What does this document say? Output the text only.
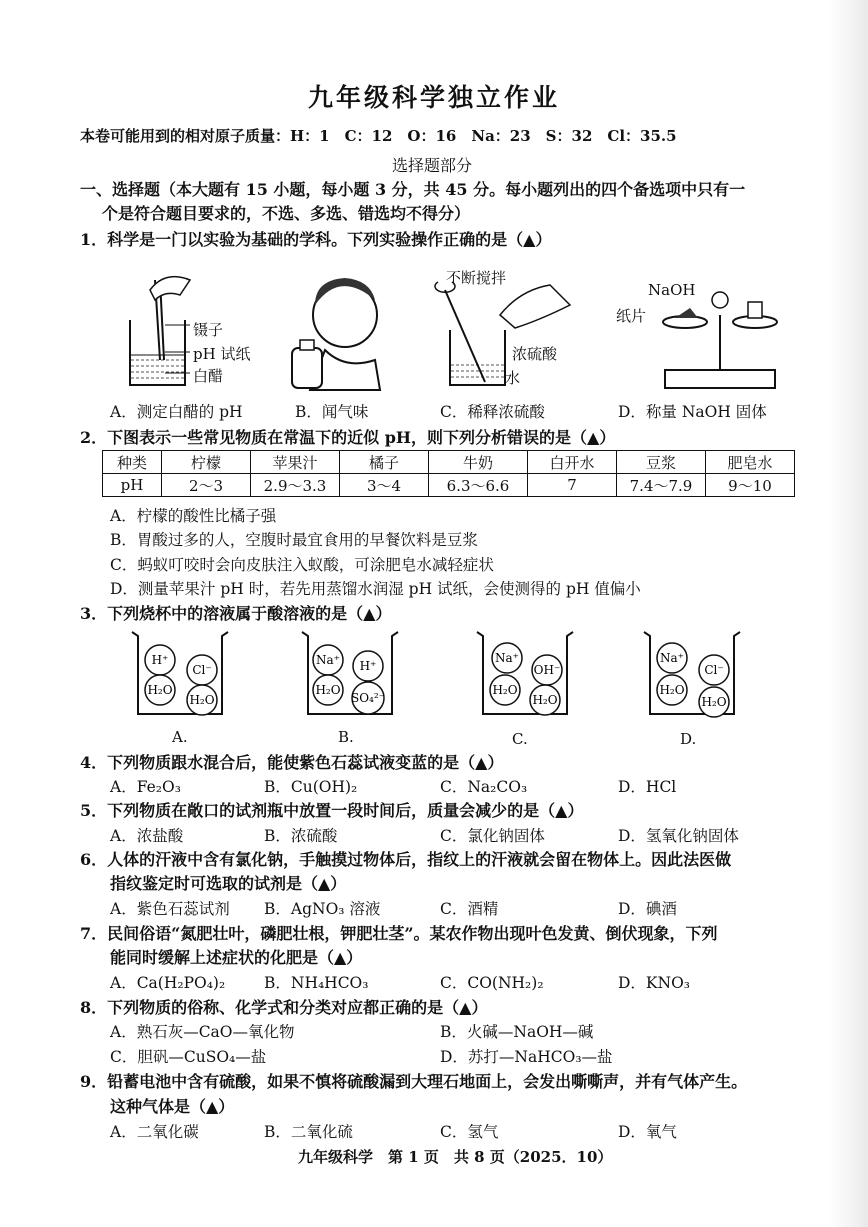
九年级科学独立作业
本卷可能用到的相对原子质量：H：1　C：12　O：16　Na：23　S：32　Cl：35.5
选择题部分
一、选择题（本大题有 15 小题，每小题 3 分，共 45 分。每小题列出的四个备选项中只有一
个是符合题目要求的，不选、多选、错选均不得分）
1．科学是一门以实验为基础的学科。下列实验操作正确的是（▲）
镊子
pH 试纸
白醋
不断搅拌
浓硫酸
水
NaOH
纸片
A．测定白醋的 pH	B．闻气味	C．稀释浓硫酸	D．称量 NaOH 固体
2．下图表示一些常见物质在常温下的近似 pH，则下列分析错误的是（▲）
种类	柠檬	苹果汁	橘子	牛奶	白开水	豆浆	肥皂水
pH	2～3	2.9～3.3	3～4	6.3～6.6	7	7.4～7.9	9～10
A．柠檬的酸性比橘子强
B．胃酸过多的人，空腹时最宜食用的早餐饮料是豆浆
C．蚂蚁叮咬时会向皮肤注入蚁酸，可涂肥皂水减轻症状
D．测量苹果汁 pH 时，若先用蒸馏水润湿 pH 试纸，会使测得的 pH 值偏小
3．下列烧杯中的溶液属于酸溶液的是（▲）
H⁺
Cl⁻
H₂O
H₂O
Na⁺ H⁺
H₂O
SO₄²⁻
Na⁺
OH⁻
H₂O
H₂O
Na⁺
Cl⁻
H₂O
H₂O
A.	B.	C.	D.
4．下列物质跟水混合后，能使紫色石蕊试液变蓝的是（▲）
A．Fe₂O₃	B．Cu(OH)₂	C．Na₂CO₃	D．HCl
5．下列物质在敞口的试剂瓶中放置一段时间后，质量会减少的是（▲）
A．浓盐酸	B．浓硫酸	C．氯化钠固体	D．氢氧化钠固体
6．人体的汗液中含有氯化钠，手触摸过物体后，指纹上的汗液就会留在物体上。因此法医做
指纹鉴定时可选取的试剂是（▲）
A．紫色石蕊试剂 B．AgNO₃ 溶液	C．酒精	D．碘酒
7．民间俗语“氮肥壮叶，磷肥壮根，钾肥壮茎”。某农作物出现叶色发黄、倒伏现象，下列
能同时缓解上述症状的化肥是（▲）
A．Ca(H₂PO₄)₂	B．NH₄HCO₃	C．CO(NH₂)₂	D．KNO₃
8．下列物质的俗称、化学式和分类对应都正确的是（▲）
A．熟石灰—CaO—氧化物	B．火碱—NaOH—碱
C．胆矾—CuSO₄—盐	D．苏打—NaHCO₃—盐
9．铅蓄电池中含有硫酸，如果不慎将硫酸漏到大理石地面上，会发出嘶嘶声，并有气体产生。
这种气体是（▲）
A．二氧化碳	B．二氧化硫	C．氢气	D．氧气
九年级科学　第 1 页　共 8 页（2025．10）
